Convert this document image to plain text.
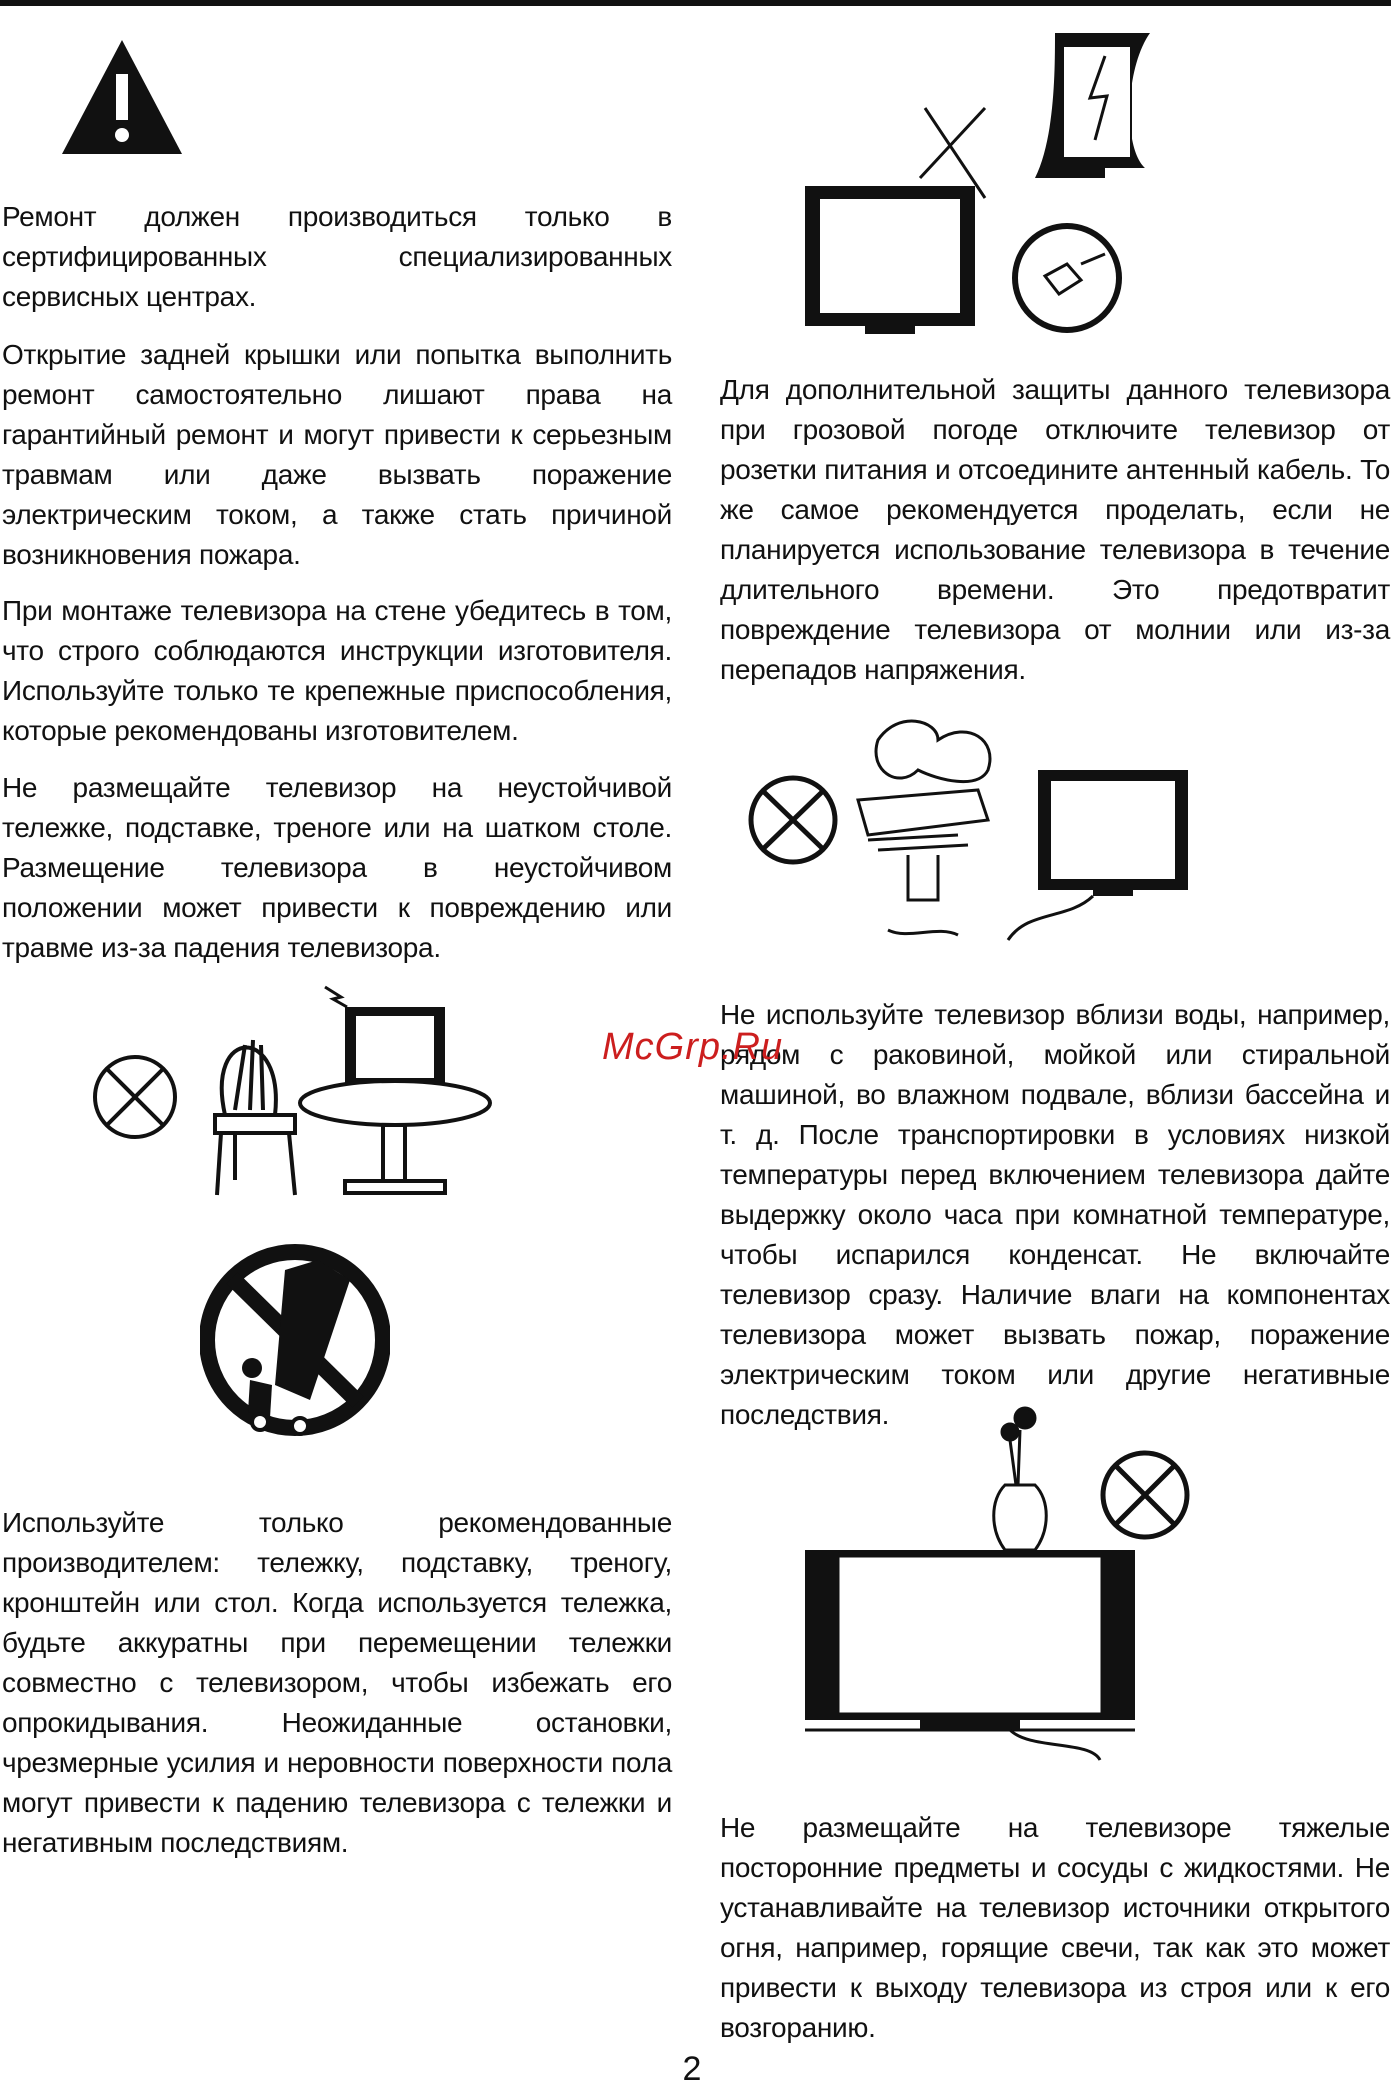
Ремонт должен производиться только в сертифицированных специализированных сервисных центрах.

Открытие задней крышки или попытка выполнить ремонт самостоятельно лишают права на гарантийный ремонт и могут привести к серьезным травмам или даже вызвать поражение электрическим током, а также стать причиной возникновения пожара.

При монтаже телевизора на стене убедитесь в том, что строго соблюдаются инструкции изготовителя. Используйте только те крепежные приспособления, которые рекомендованы изготовителем.

Не размещайте телевизор на неустойчивой тележке, подставке, треноге или на шатком столе. Размещение телевизора в неустойчивом положении может привести к повреждению или травме из-за падения телевизора.

Используйте только рекомендованные производителем: тележку, подставку, треногу, кронштейн или стол. Когда используется тележка, будьте аккуратны при перемещении тележки совместно с телевизором, чтобы избежать его опрокидывания. Неожиданные остановки, чрезмерные усилия и неровности поверхности пола могут привести к падению телевизора с тележки и негативным последствиям.

Для дополнительной защиты данного телевизора при грозовой погоде отключите телевизор от розетки питания и отсоедините антенный кабель. То же самое рекомендуется проделать, если не планируется использование телевизора в течение длительного времени. Это предотвратит повреждение телевизора от молнии или из-за перепадов напряжения.

Не используйте телевизор вблизи воды, например, рядом с раковиной, мойкой или стиральной машиной, во влажном подвале, вблизи бассейна и т. д. После транспортировки в условиях низкой температуры перед включением телевизора дайте выдержку около часа при комнатной температуре, чтобы испарился конденсат. Не включайте телевизор сразу. Наличие влаги на компонентах телевизора может вызвать пожар, поражение электрическим током или другие негативные последствия.

Не размещайте на телевизоре тяжелые посторонние предметы и сосуды с жидкостями. Не устанавливайте на телевизор источники открытого огня, например, горящие свечи, так как это может привести к выходу телевизора из строя или к его возгоранию.

McGrp.Ru
2
